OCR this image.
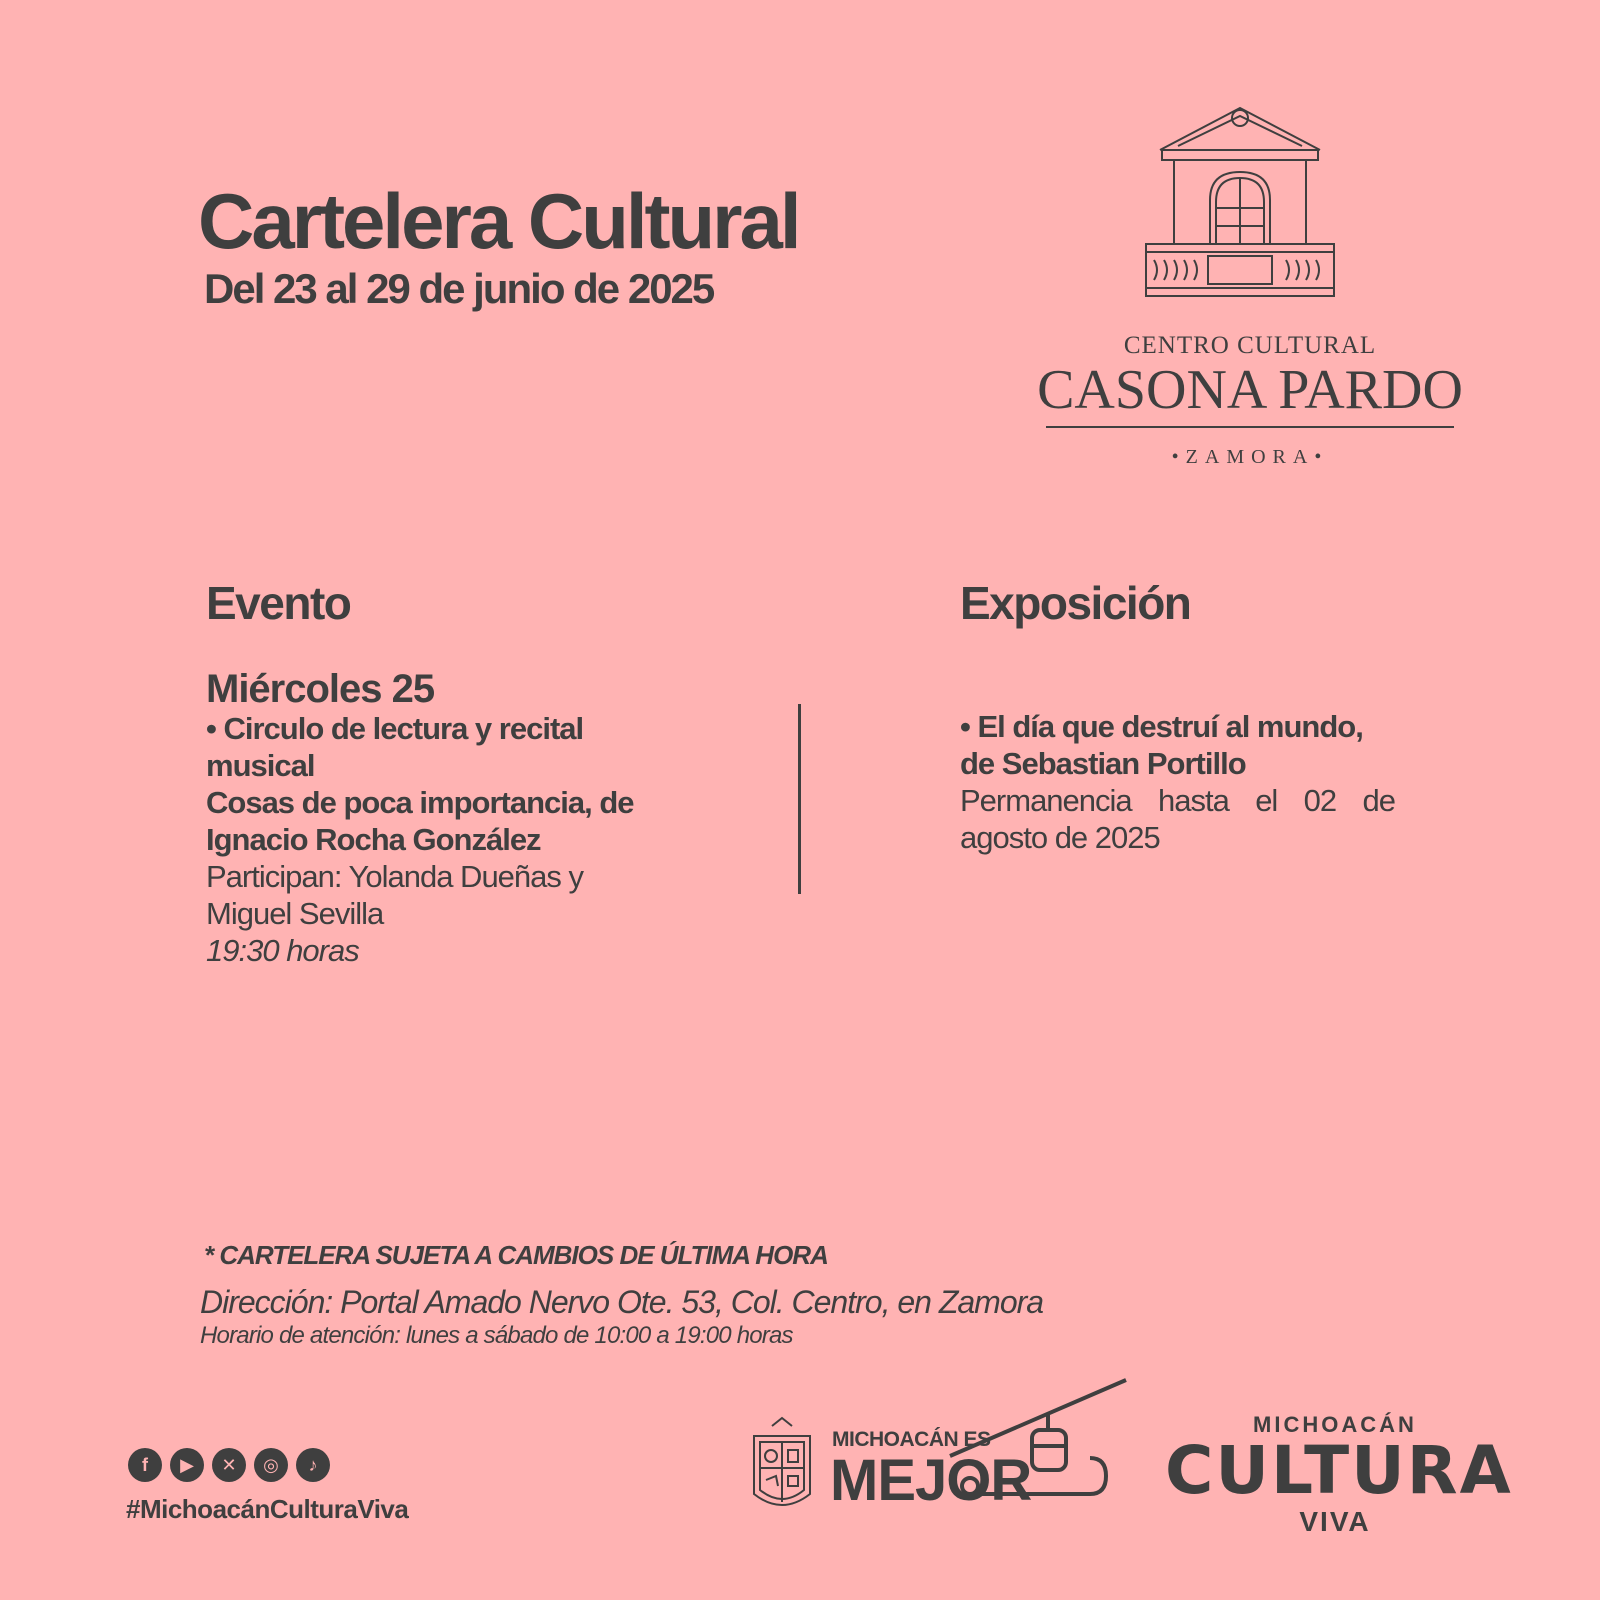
Cartelera Cultural
Del 23 al 29 de junio de 2025
CENTRO CULTURAL
CASONA PARDO
•ZAMORA•
Evento
Miércoles 25
• Circulo de lectura y recital musical
Cosas de poca importancia, de Ignacio Rocha González
Participan: Yolanda Dueñas y Miguel Sevilla
19:30 horas
Exposición
• El día que destruí al mundo, de Sebastian Portillo
Permanencia hasta el 02 de agosto de 2025
* CARTELERA SUJETA A CAMBIOS DE ÚLTIMA HORA
Dirección: Portal Amado Nervo Ote. 53, Col. Centro, en Zamora
Horario de atención: lunes a sábado de 10:00 a 19:00 horas
f	▶	✕	◎	♪
#MichoacánCulturaViva
MICHOACÁN ES
MEJOR
MICHOACÁN
CULTURA
VIVA
